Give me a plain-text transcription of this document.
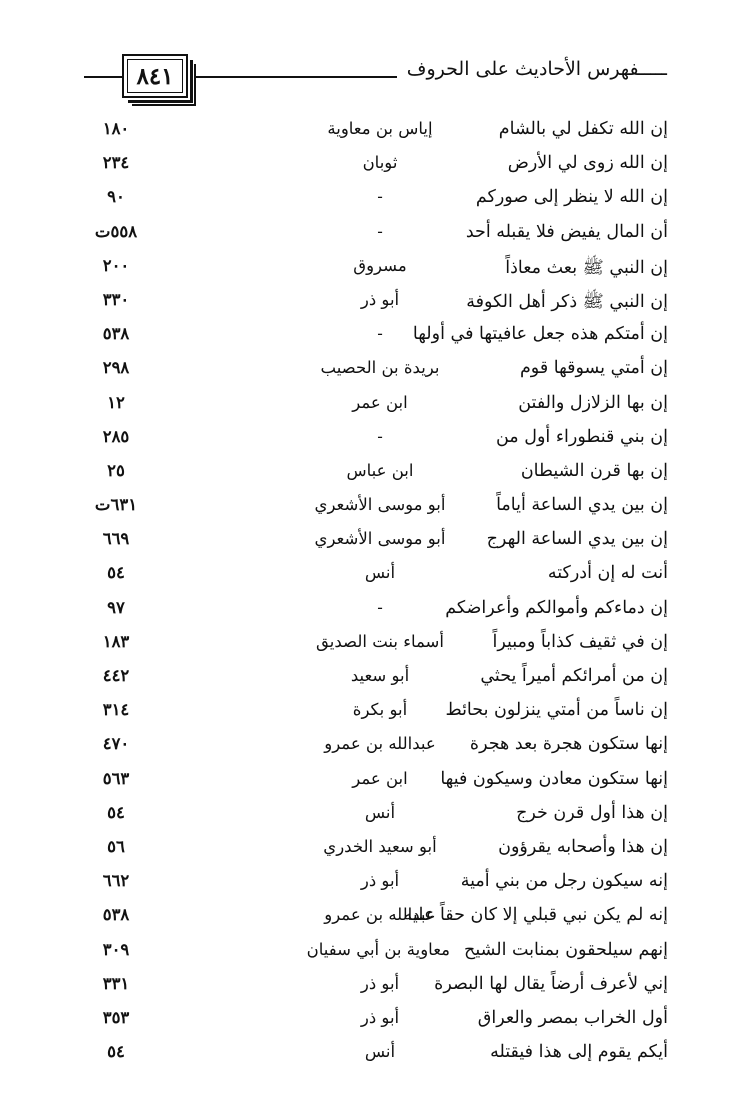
٨٤١	ـــــفهرس الأحاديث على الحروف
إن الله تكفل لي بالشام
إياس بن معاوية
١٨٠
إن الله زوى لي الأرض
ثوبان
٢٣٤
إن الله لا ينظر إلى صوركم
-
٩٠
أن المال يفيض فلا يقبله أحد
-
٥٥٨ت
إن النبي ﷺ بعث معاذاً
مسروق
٢٠٠
إن النبي ﷺ ذكر أهل الكوفة
أبو ذر
٣٣٠
إن أمتكم هذه جعل عافيتها في أولها
-
٥٣٨
إن أمتي يسوقها قوم
بريدة بن الحصيب
٢٩٨
إن بها الزلازل والفتن
ابن عمر
١٢
إن بني قنطوراء أول من
-
٢٨٥
إن بها قرن الشيطان
ابن عباس
٢٥
إن بين يدي الساعة أياماً
أبو موسى الأشعري
٦٣١ت
إن بين يدي الساعة الهرج
أبو موسى الأشعري
٦٦٩
أنت له إن أدركته
أنس
٥٤
إن دماءكم وأموالكم وأعراضكم
-
٩٧
إن في ثقيف كذاباً ومبيراً
أسماء بنت الصديق
١٨٣
إن من أمرائكم أميراً يحثي
أبو سعيد
٤٤٢
إن ناساً من أمتي ينزلون بحائط
أبو بكرة
٣١٤
إنها ستكون هجرة بعد هجرة
عبدالله بن عمرو
٤٧٠
إنها ستكون معادن وسيكون فيها
ابن عمر
٥٦٣
إن هذا أول قرن خرج
أنس
٥٤
إن هذا وأصحابه يقرؤون
أبو سعيد الخدري
٥٦
إنه سيكون رجل من بني أمية
أبو ذر
٦٦٢
إنه لم يكن نبي قبلي إلا كان حقاً عليه
عبدالله بن عمرو
٥٣٨
إنهم سيلحقون بمنابت الشيح
معاوية بن أبي سفيان
٣٠٩
إني لأعرف أرضاً يقال لها البصرة
أبو ذر
٣٣١
أول الخراب بمصر والعراق
أبو ذر
٣٥٣
أيكم يقوم إلى هذا فيقتله
أنس
٥٤
